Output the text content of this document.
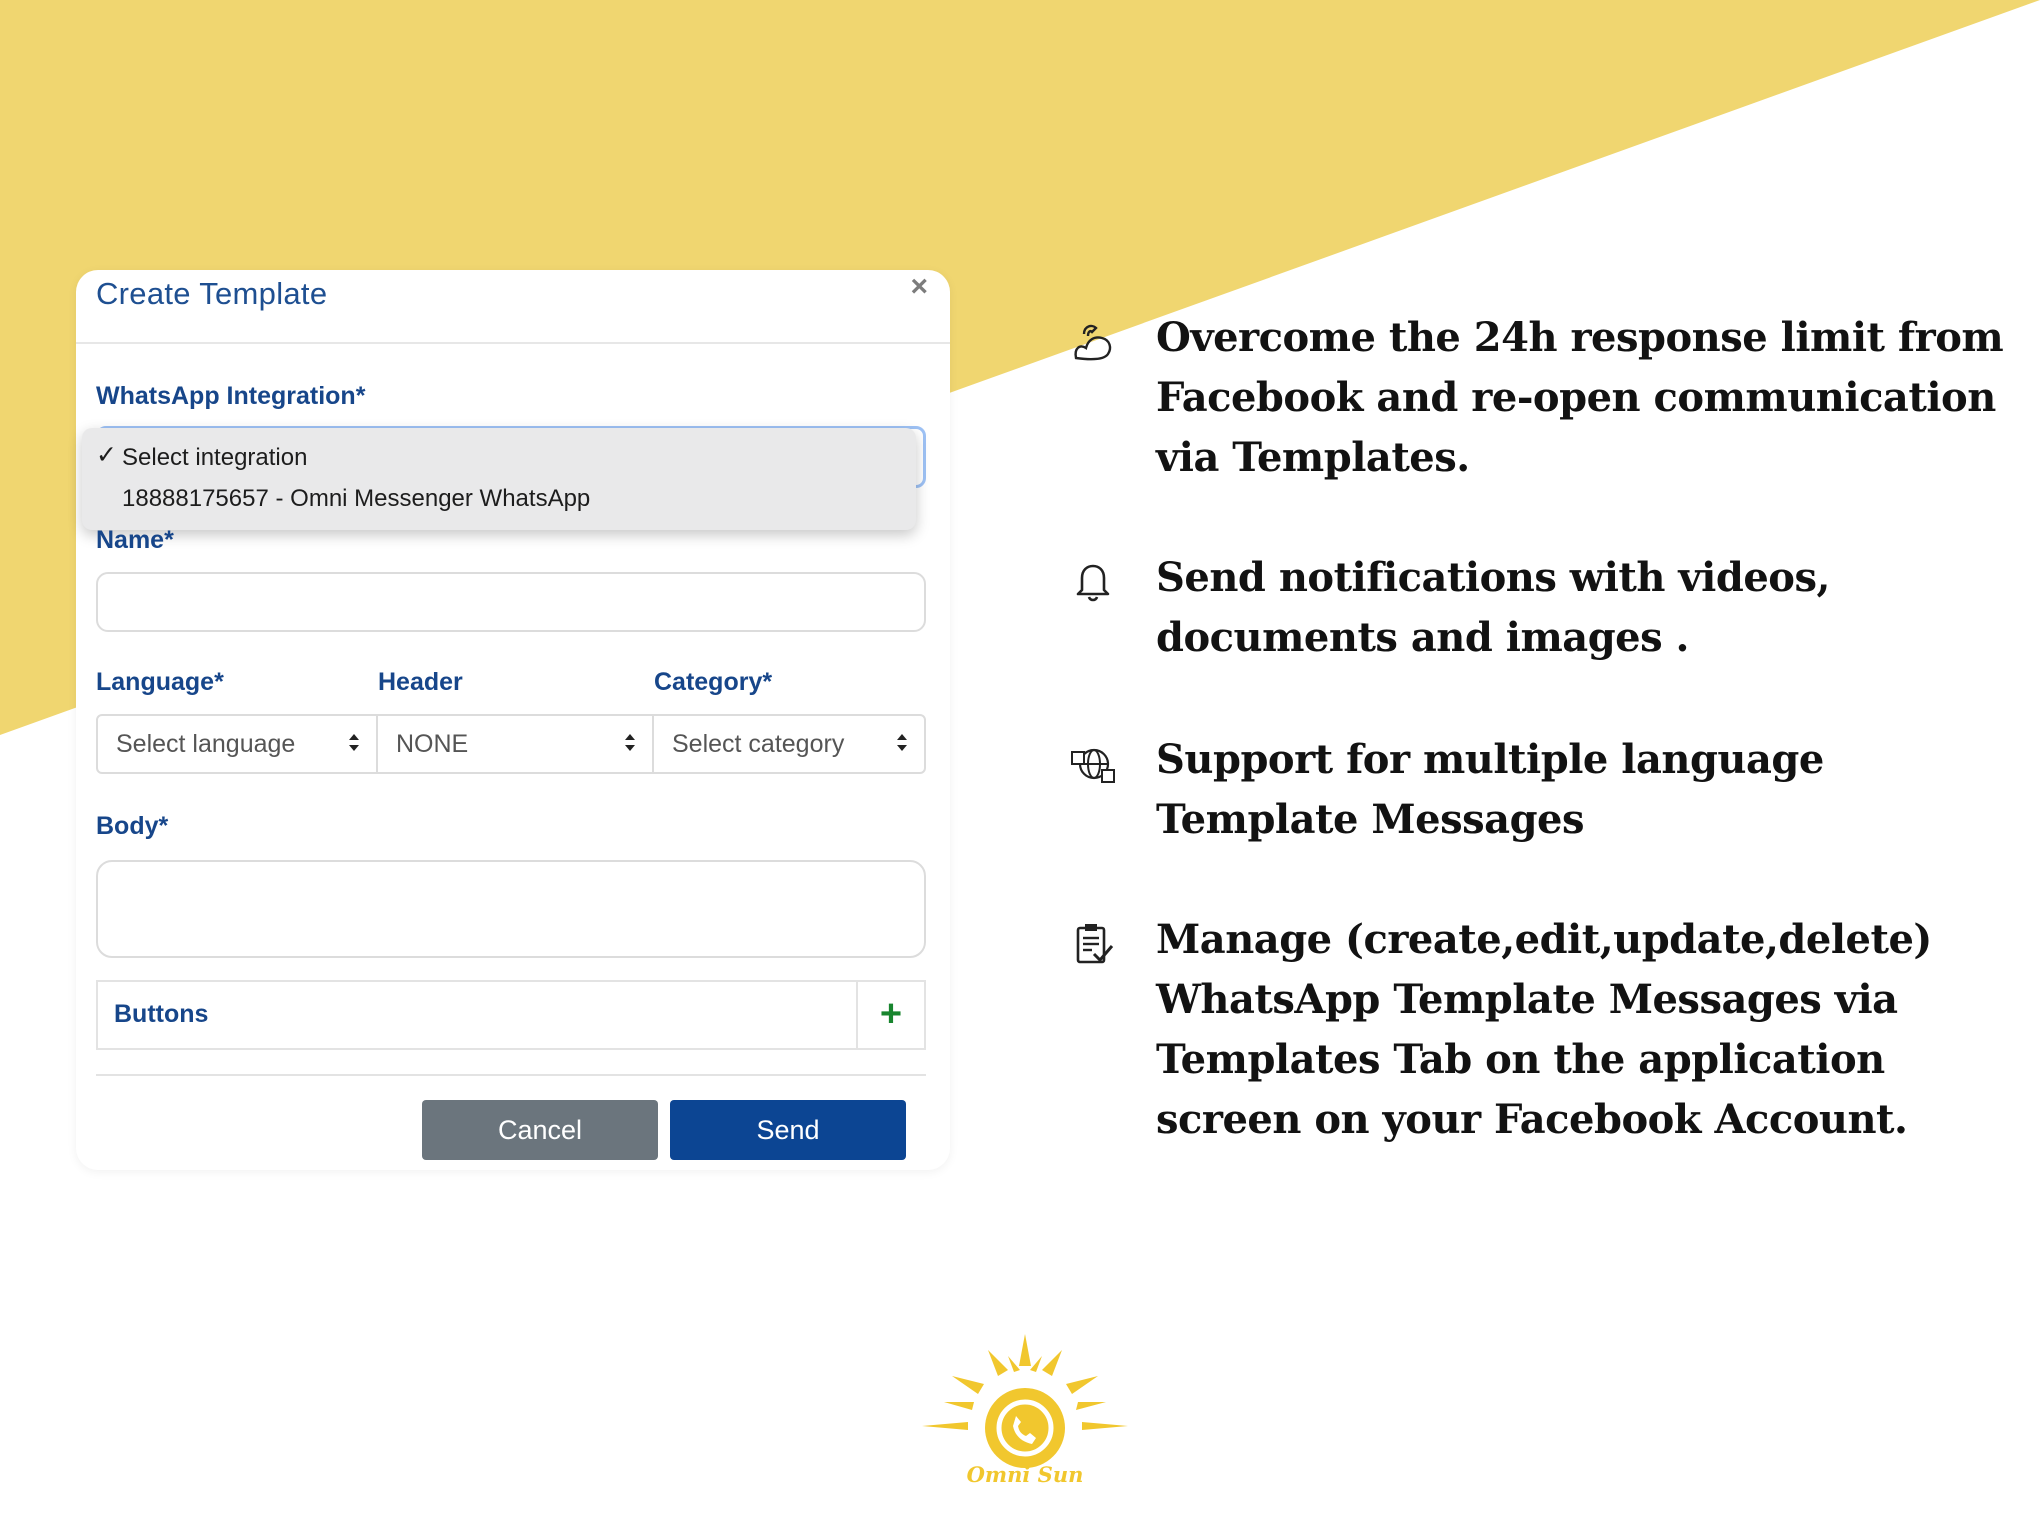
Create Template	×
WhatsApp Integration*
✓ Select integration
18888175657 - Omni Messenger WhatsApp
Name*
Language*	Header	Category*
Select language	NONE	Select category
Body*
Buttons	+
Cancel	Send
Overcome the 24h response limit from Facebook and re-open communication via Templates.
Send notifications with videos, documents and images .
Support for multiple language Template Messages
Manage (create,edit,update,delete) WhatsApp Template Messages via Templates Tab on the application screen on your Facebook Account.
Omni Sun
